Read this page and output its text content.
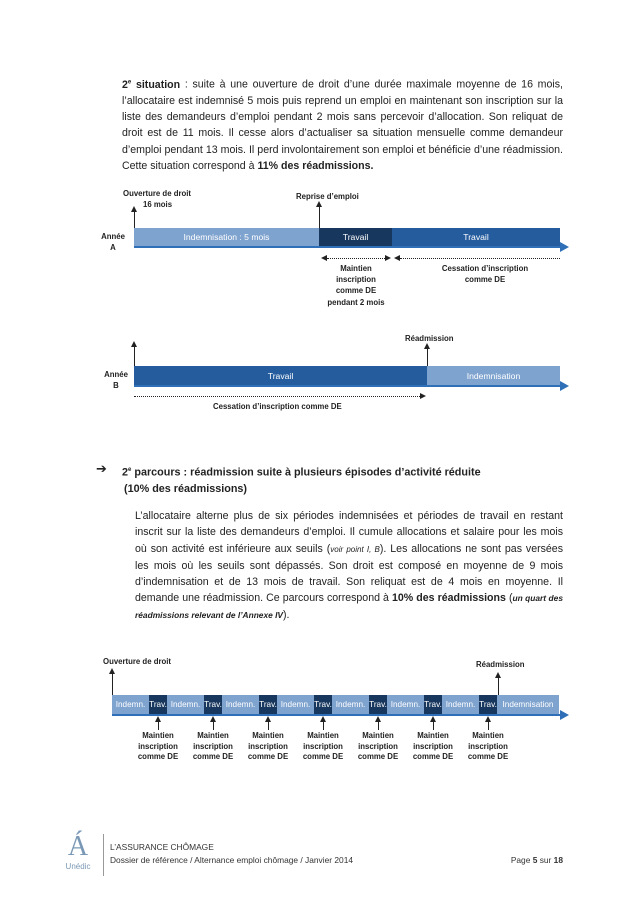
2e situation : suite à une ouverture de droit d’une durée maximale moyenne de 16 mois, l’allocataire est indemnisé 5 mois puis reprend un emploi en maintenant son inscription sur la liste des demandeurs d’emploi pendant 2 mois sans percevoir d’allocation. Son reliquat de droit est de 11 mois. Il cesse alors d’actualiser sa situation mensuelle comme demandeur d’emploi pendant 13 mois. Il perd involontairement son emploi et bénéficie d’une réadmission. Cette situation correspond à 11% des réadmissions.
Ouverture de droit
16 mois
Reprise d’emploi
Année
A
Indemnisation : 5 mois	Travail	Travail
Maintien
inscription
comme DE
pendant 2 mois
Cessation d’inscription
comme DE
Réadmission
Année
B
Travail	Indemnisation
Cessation d’inscription comme DE
➔ 2e parcours : réadmission suite à plusieurs épisodes d’activité réduite
(10% des réadmissions)
L’allocataire alterne plus de six périodes indemnisées et périodes de travail en restant inscrit sur la liste des demandeurs d’emploi. Il cumule allocations et salaire pour les mois où son activité est inférieure aux seuils (voir point I, B). Les allocations ne sont pas versées les mois où les seuils sont dépassés. Son droit est composé en moyenne de 9 mois d’indemnisation et de 13 mois de travail. Son reliquat est de 4 mois en moyenne. Il demande une réadmission. Ce parcours correspond à 10% des réadmissions (un quart des réadmissions relevant de l’Annexe IV).
Ouverture de droit	Réadmission
Indemn. Trav. Indemn. Trav. Indemn. Trav. Indemn. Trav. Indemn. Trav. Indemn. Trav. Indemn. Trav. Indemnisation
Maintien
inscription
comme DE
Maintien
inscription
comme DE
Maintien
inscription
comme DE
Maintien
inscription
comme DE
Maintien
inscription
comme DE
Maintien
inscription
comme DE
Maintien
inscription
comme DE
Á
Unédic
L’ASSURANCE CHÔMAGE
Dossier de référence / Alternance emploi chômage / Janvier 2014	Page 5 sur 18
